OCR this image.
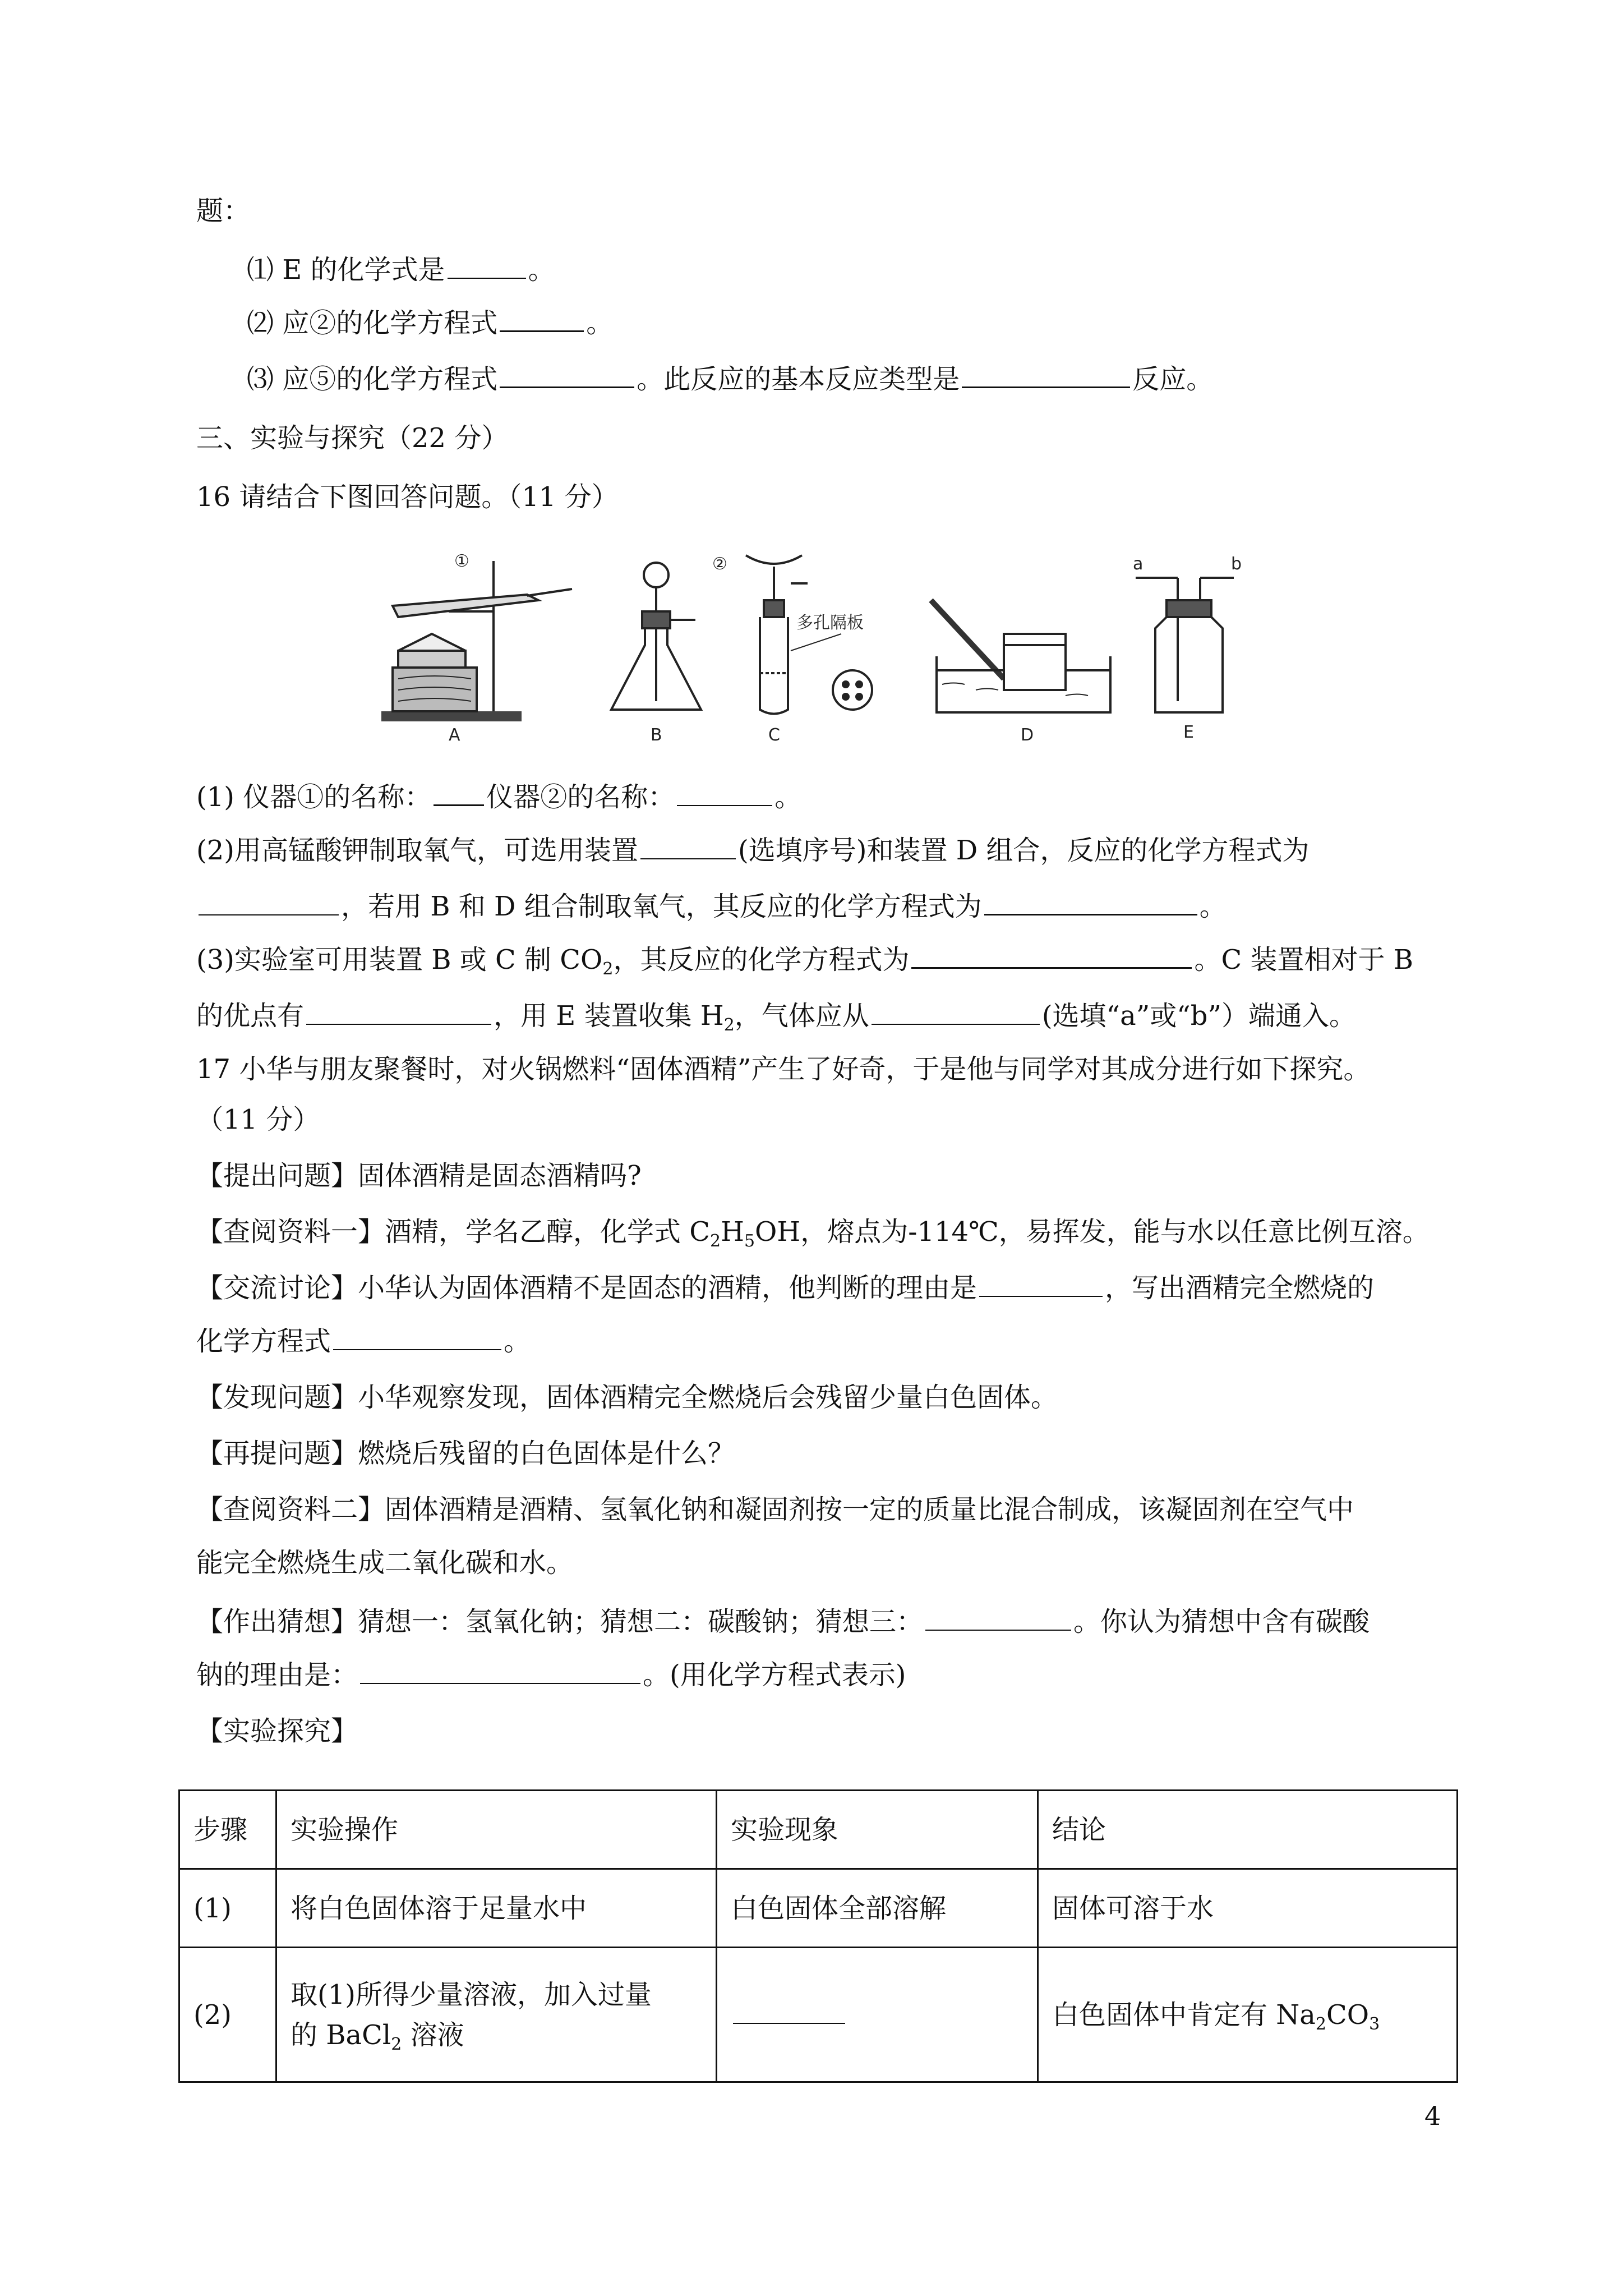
题：
⑴ E 的化学式是	。
⑵ 应②的化学方程式	。
⑶ 应⑤的化学方程式	。此反应的基本反应类型是	反应。
三、实验与探究（22 分）
16 请结合下图回答问题。（11 分）
①
A	B
②
多孔隔板
C	D
a	b
E
(1) 仪器①的名称： 仪器②的名称：	。
(2)用高锰酸钾制取氧气，可选用装置	(选填序号)和装置 D 组合，反应的化学方程式为
，若用 B 和 D 组合制取氧气，其反应的化学方程式为	。
(3)实验室可用装置 B 或 C 制 $CO_2$，其反应的化学方程式为	。C 装置相对于 B
的优点有	，用 E 装置收集 $H_2$，气体应从	(选填“a”或“b”）端通入。
17 小华与朋友聚餐时，对火锅燃料“固体酒精”产生了好奇，于是他与同学对其成分进行如下探究。
（11 分）
【提出问题】固体酒精是固态酒精吗?
【查阅资料一】酒精，学名乙醇，化学式 $C_2H_5OH$，熔点为-114℃，易挥发，能与水以任意比例互溶。
【交流讨论】小华认为固体酒精不是固态的酒精，他判断的理由是	，写出酒精完全燃烧的
化学方程式	。
【发现问题】小华观察发现，固体酒精完全燃烧后会残留少量白色固体。
【再提问题】燃烧后残留的白色固体是什么？
【查阅资料二】固体酒精是酒精、氢氧化钠和凝固剂按一定的质量比混合制成，该凝固剂在空气中
能完全燃烧生成二氧化碳和水。
【作出猜想】猜想一：氢氧化钠；猜想二：碳酸钠；猜想三：	。你认为猜想中含有碳酸
钠的理由是：	。(用化学方程式表示)
【实验探究】
步骤	实验操作	实验现象	结论
(1)	将白色固体溶于足量水中	白色固体全部溶解	固体可溶于水
(2)	取(1)所得少量溶液，加入过量
的 BaCl$_2$ 溶液		白色固体中肯定有 $Na_2CO_3$
4
